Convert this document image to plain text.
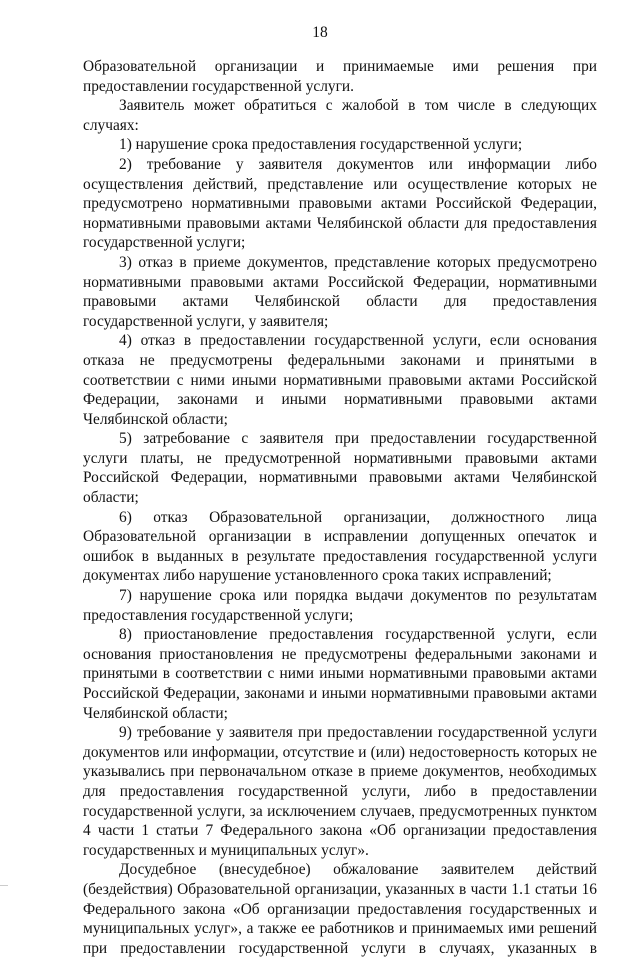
18

Образовательной организации и принимаемые ими решения при предоставлении государственной услуги.

Заявитель может обратиться с жалобой в том числе в следующих случаях:

1) нарушение срока предоставления государственной услуги;

2) требование у заявителя документов или информации либо осуществления действий, представление или осуществление которых не предусмотрено нормативными правовыми актами Российской Федерации, нормативными правовыми актами Челябинской области для предоставления государственной услуги;

3) отказ в приеме документов, представление которых предусмотрено нормативными правовыми актами Российской Федерации, нормативными правовыми актами Челябинской области для предоставления государственной услуги, у заявителя;

4) отказ в предоставлении государственной услуги, если основания отказа не предусмотрены федеральными законами и принятыми в соответствии с ними иными нормативными правовыми актами Российской Федерации, законами и иными нормативными правовыми актами Челябинской области;

5) затребование с заявителя при предоставлении государственной услуги платы, не предусмотренной нормативными правовыми актами Российской Федерации, нормативными правовыми актами Челябинской области;

6) отказ Образовательной организации, должностного лица Образовательной организации в исправлении допущенных опечаток и ошибок в выданных в результате предоставления государственной услуги документах либо нарушение установленного срока таких исправлений;

7) нарушение срока или порядка выдачи документов по результатам предоставления государственной услуги;

8) приостановление предоставления государственной услуги, если основания приостановления не предусмотрены федеральными законами и принятыми в соответствии с ними иными нормативными правовыми актами Российской Федерации, законами и иными нормативными правовыми актами Челябинской области;

9) требование у заявителя при предоставлении государственной услуги документов или информации, отсутствие и (или) недостоверность которых не указывались при первоначальном отказе в приеме документов, необходимых для предоставления государственной услуги, либо в предоставлении государственной услуги, за исключением случаев, предусмотренных пунктом 4 части 1 статьи 7 Федерального закона «Об организации предоставления государственных и муниципальных услуг».

Досудебное (внесудебное) обжалование заявителем действий (бездействия) Образовательной организации, указанных в части 1.1 статьи 16 Федерального закона «Об организации предоставления государственных и муниципальных услуг», а также ее работников и принимаемых ими решений при предоставлении государственной услуги в случаях, указанных в
